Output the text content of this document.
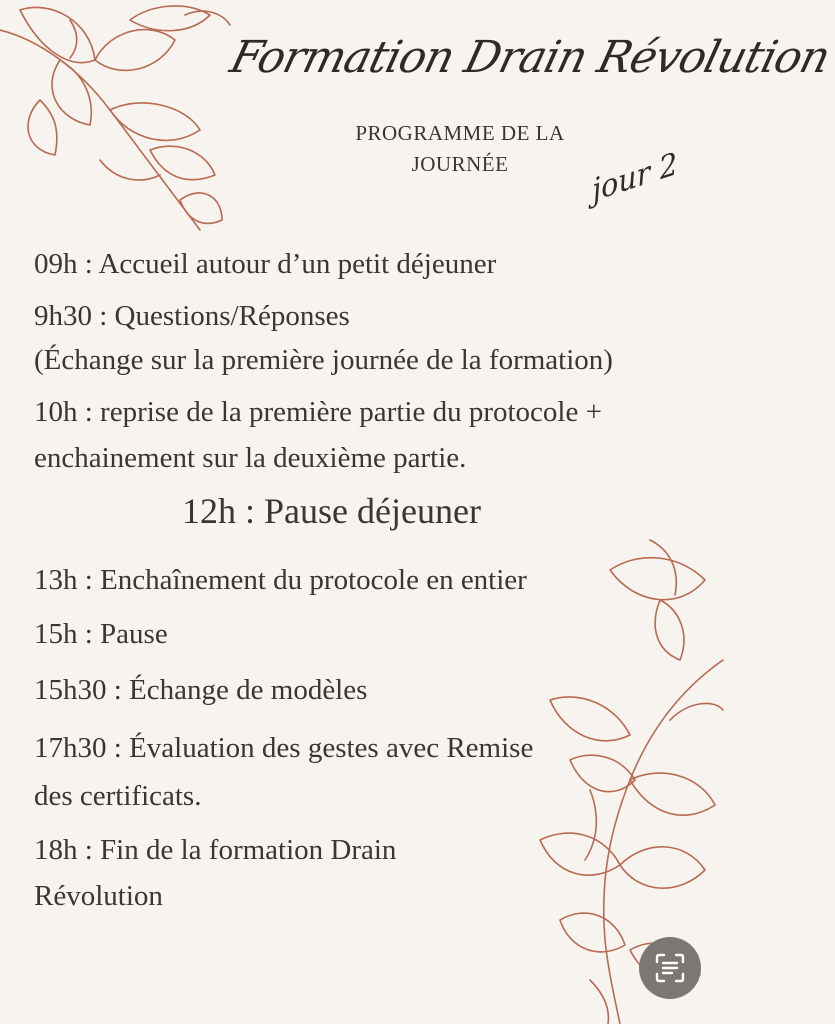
Formation Drain Révolution
PROGRAMME DE LA
JOURNÉE	jour 2
09h : Accueil autour d’un petit déjeuner
9h30 : Questions/Réponses
(Échange sur la première journée de la formation)
10h : reprise de la première partie du protocole +
enchainement sur la deuxième partie.
12h : Pause déjeuner
13h : Enchaînement du protocole en entier
15h : Pause
15h30 : Échange de modèles
17h30 : Évaluation des gestes avec Remise
des certificats.
18h : Fin de la formation Drain
Révolution
